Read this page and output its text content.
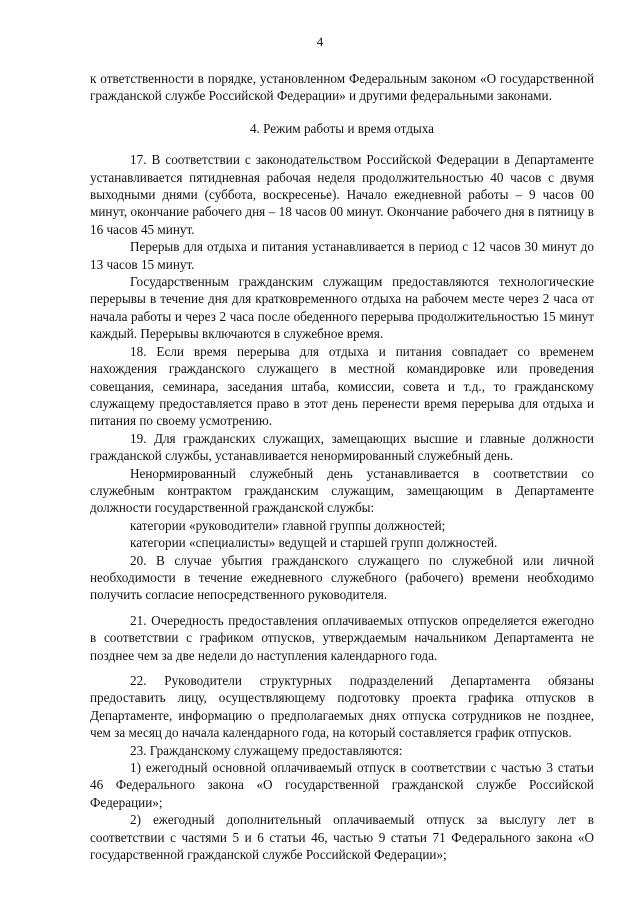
4

к ответственности в порядке, установленном Федеральным законом «О государственной гражданской службе Российской Федерации» и другими федеральными законами.

4. Режим работы и время отдыха

17. В соответствии с законодательством Российской Федерации в Департаменте устанавливается пятидневная рабочая неделя продолжительностью 40 часов с двумя выходными днями (суббота, воскресенье). Начало ежедневной работы – 9 часов 00 минут, окончание рабочего дня – 18 часов 00 минут. Окончание рабочего дня в пятницу в 16 часов 45 минут.

Перерыв для отдыха и питания устанавливается в период с 12 часов 30 минут до 13 часов 15 минут.

Государственным гражданским служащим предоставляются технологические перерывы в течение дня для кратковременного отдыха на рабочем месте через 2 часа от начала работы и через 2 часа после обеденного перерыва продолжительностью 15 минут каждый. Перерывы включаются в служебное время.

18. Если время перерыва для отдыха и питания совпадает со временем нахождения гражданского служащего в местной командировке или проведения совещания, семинара, заседания штаба, комиссии, совета и т.д., то гражданскому служащему предоставляется право в этот день перенести время перерыва для отдыха и питания по своему усмотрению.

19. Для гражданских служащих, замещающих высшие и главные должности гражданской службы, устанавливается ненормированный служебный день.

Ненормированный служебный день устанавливается в соответствии со служебным контрактом гражданским служащим, замещающим в Департаменте должности государственной гражданской службы:

категории «руководители» главной группы должностей;

категории «специалисты» ведущей и старшей групп должностей.

20. В случае убытия гражданского служащего по служебной или личной необходимости в течение ежедневного служебного (рабочего) времени необходимо получить согласие непосредственного руководителя.

21. Очередность предоставления оплачиваемых отпусков определяется ежегодно в соответствии с графиком отпусков, утверждаемым начальником Департамента не позднее чем за две недели до наступления календарного года.

22. Руководители структурных подразделений Департамента обязаны предоставить лицу, осуществляющему подготовку проекта графика отпусков в Департаменте, информацию о предполагаемых днях отпуска сотрудников не позднее, чем за месяц до начала календарного года, на который составляется график отпусков.

23. Гражданскому служащему предоставляются:

1) ежегодный основной оплачиваемый отпуск в соответствии с частью 3 статьи 46 Федерального закона «О государственной гражданской службе Российской Федерации»;

2) ежегодный дополнительный оплачиваемый отпуск за выслугу лет в соответствии с частями 5 и 6 статьи 46, частью 9 статьи 71 Федерального закона «О государственной гражданской службе Российской Федерации»;
